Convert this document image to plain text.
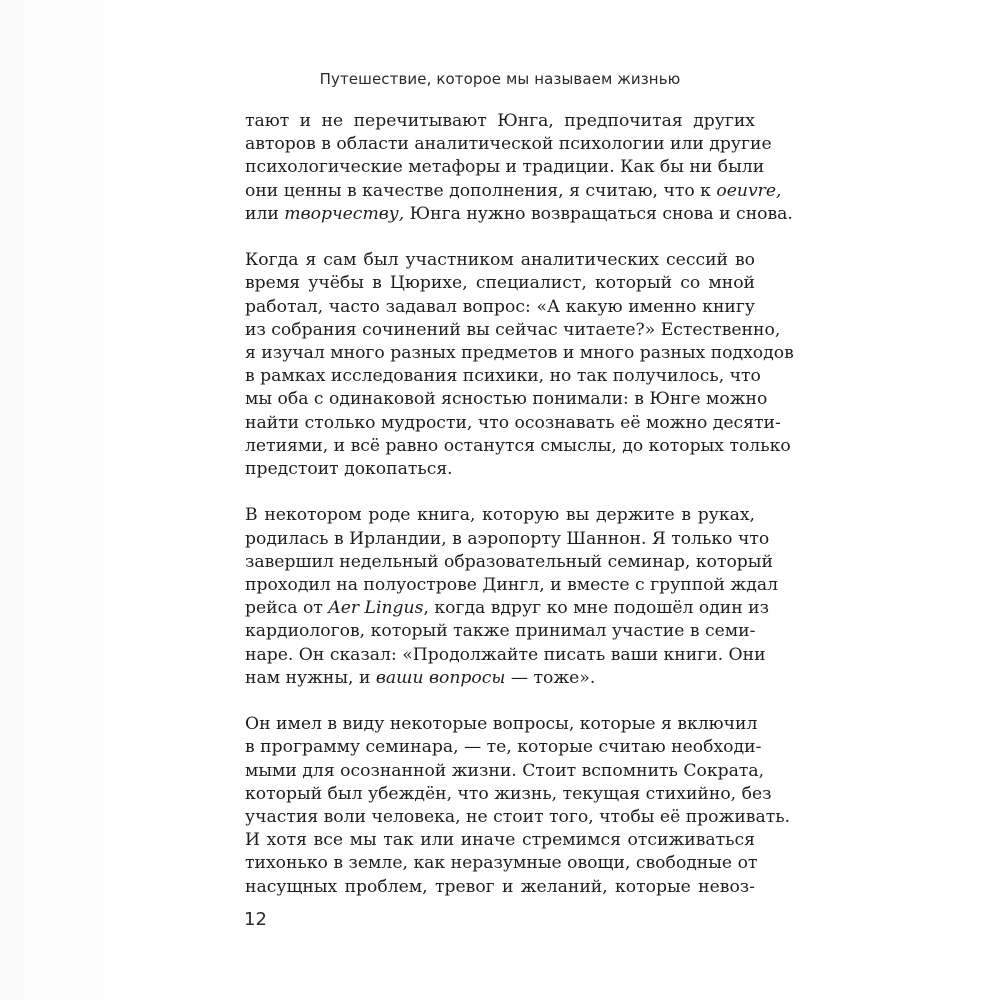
Путешествие, которое мы называем жизнью
тают и не перечитывают Юнга, предпочитая других
авторов в области аналитической психологии или другие
психологические метафоры и традиции. Как бы ни были
они ценны в качестве дополнения, я считаю, что к oeuvre,
или творчеству, Юнга нужно возвращаться снова и снова.
Когда я сам был участником аналитических сессий во
время учёбы в Цюрихе, специалист, который со мной
работал, часто задавал вопрос: «А какую именно книгу
из собрания сочинений вы сейчас читаете?» Естественно,
я изучал много разных предметов и много разных подходов
в рамках исследования психики, но так получилось, что
мы оба с одинаковой ясностью понимали: в Юнге можно
найти столько мудрости, что осознавать её можно десяти-
летиями, и всё равно останутся смыслы, до которых только
предстоит докопаться.
В некотором роде книга, которую вы держите в руках,
родилась в Ирландии, в аэропорту Шаннон. Я только что
завершил недельный образовательный семинар, который
проходил на полуострове Дингл, и вместе с группой ждал
рейса от Aer Lingus, когда вдруг ко мне подошёл один из
кардиологов, который также принимал участие в семи-
наре. Он сказал: «Продолжайте писать ваши книги. Они
нам нужны, и ваши вопросы — тоже».
Он имел в виду некоторые вопросы, которые я включил
в программу семинара, — те, которые считаю необходи-
мыми для осознанной жизни. Стоит вспомнить Сократа,
который был убеждён, что жизнь, текущая стихийно, без
участия воли человека, не стоит того, чтобы её проживать.
И хотя все мы так или иначе стремимся отсиживаться
тихонько в земле, как неразумные овощи, свободные от
насущных проблем, тревог и желаний, которые невоз-
12
